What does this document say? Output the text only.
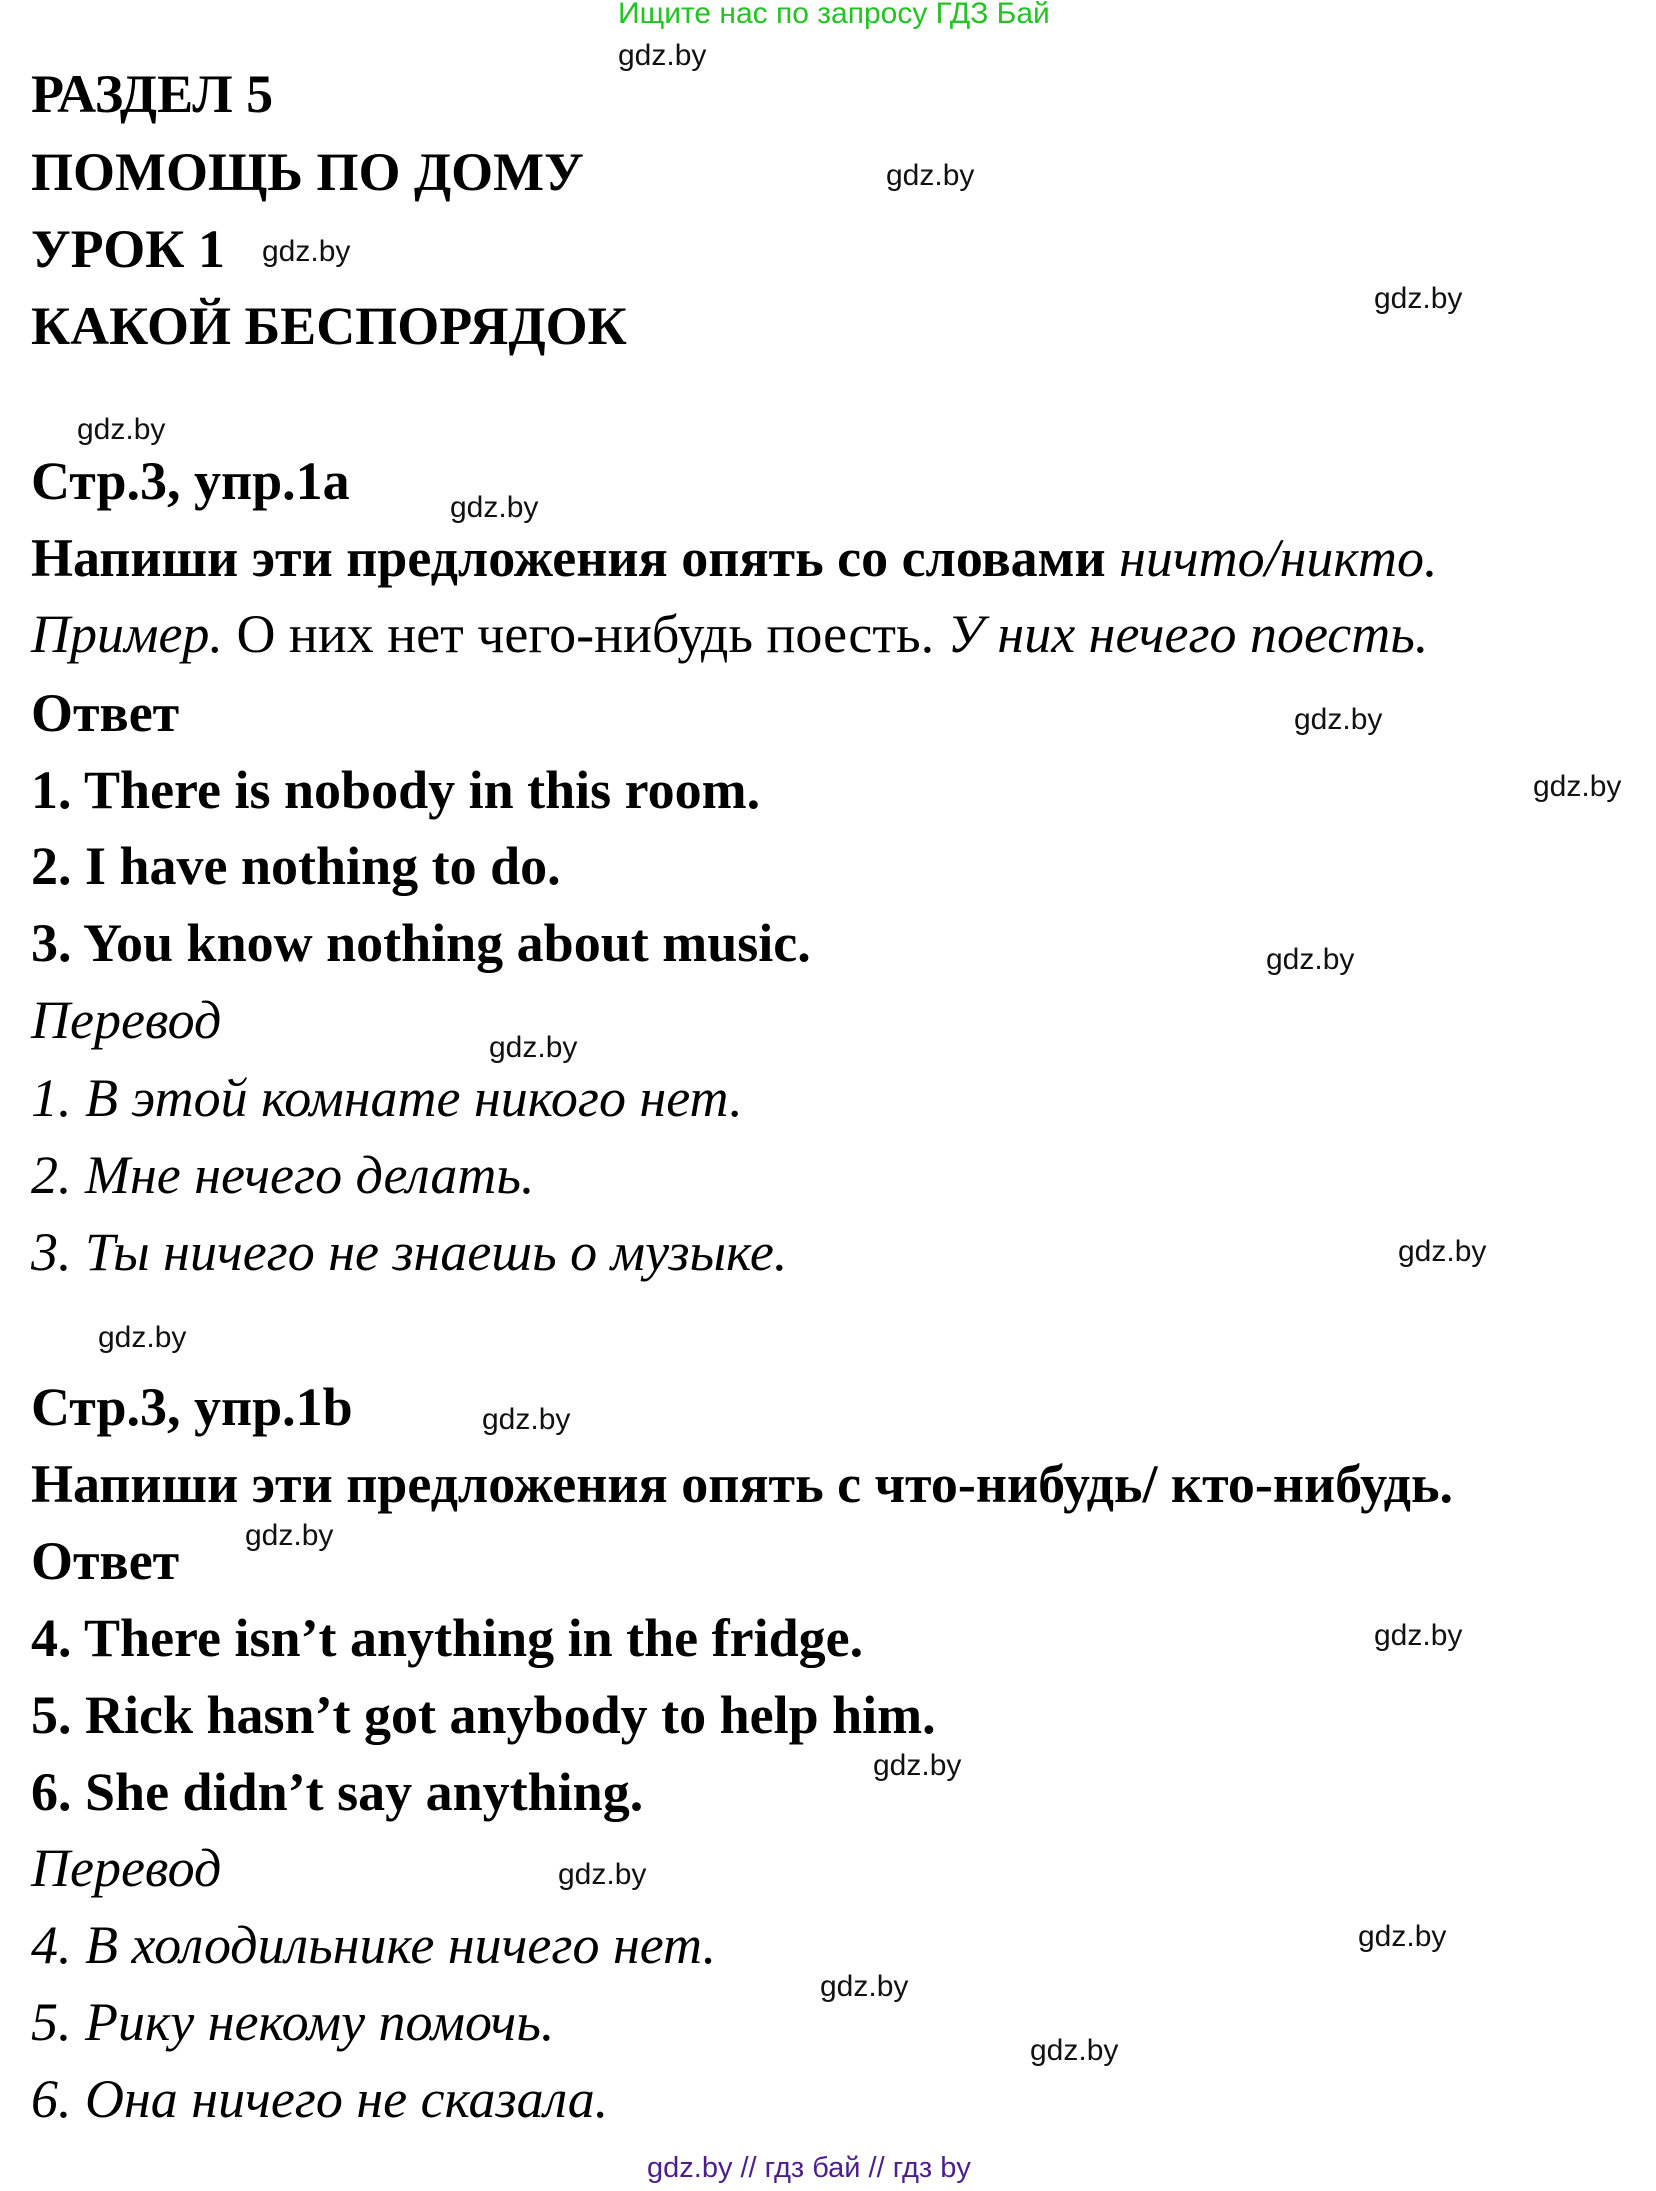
Ищите нас по запросу ГДЗ Бай
РАЗДЕЛ 5
ПОМОЩЬ ПО ДОМУ
УРОК 1
КАКОЙ БЕСПОРЯДОК
Стр.3, упр.1а
Напиши эти предложения опять со словами ничто/никто.
Пример. О них нет чего-нибудь поесть. У них нечего поесть.
Ответ
1. There is nobody in this room.
2. I have nothing to do.
3. You know nothing about music.
Перевод
1. В этой комнате никого нет.
2. Мне нечего делать.
3. Ты ничего не знаешь о музыке.
Стр.3, упр.1b
Напиши эти предложения опять с что-нибудь/ кто-нибудь.
Ответ
4. There isn’t anything in the fridge.
5. Rick hasn’t got anybody to help him.
6. She didn’t say anything.
Перевод
4. В холодильнике ничего нет.
5. Рику некому помочь.
6. Она ничего не сказала.
gdz.by
gdz.by
gdz.by
gdz.by
gdz.by
gdz.by
gdz.by
gdz.by
gdz.by
gdz.by
gdz.by
gdz.by
gdz.by
gdz.by
gdz.by
gdz.by
gdz.by
gdz.by
gdz.by
gdz.by
gdz.by // гдз бай // гдз by
